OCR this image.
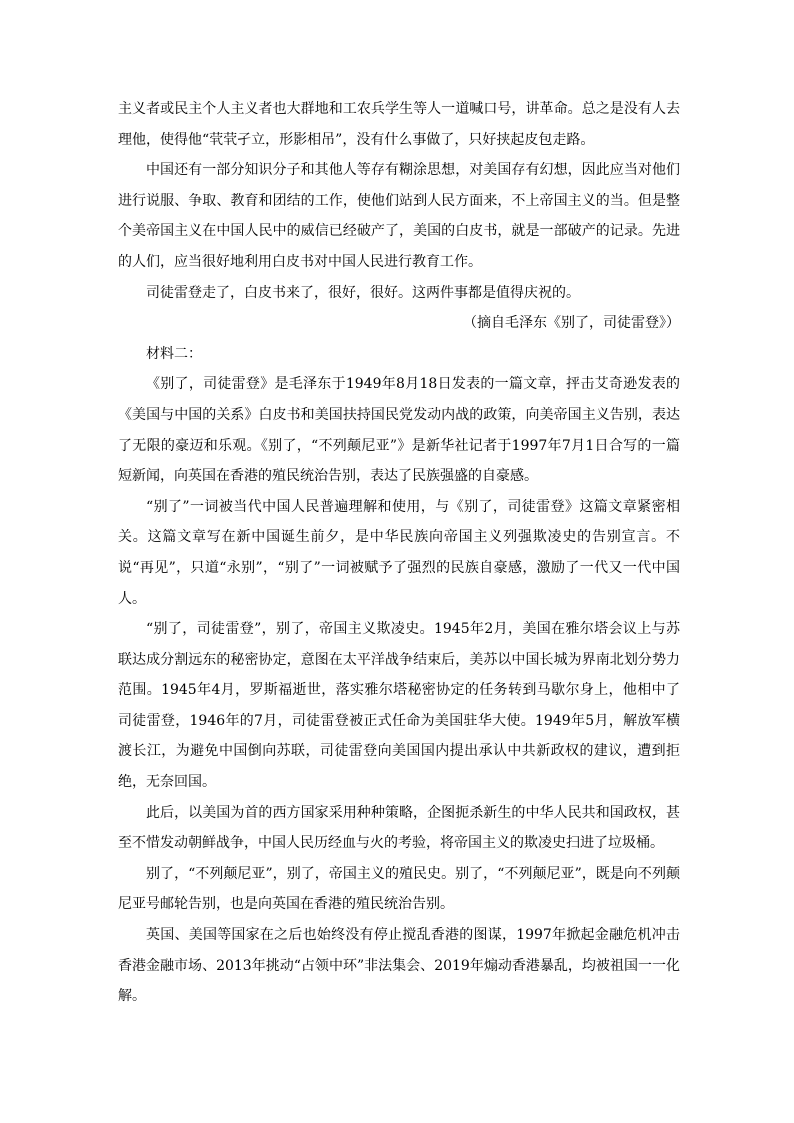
主义者或民主个人主义者也大群地和工农兵学生等人一道喊口号，讲革命。总之是没有人去理他，使得他“茕茕孑立，形影相吊”，没有什么事做了，只好挟起皮包走路。

中国还有一部分知识分子和其他人等存有糊涂思想，对美国存有幻想，因此应当对他们进行说服、争取、教育和团结的工作，使他们站到人民方面来，不上帝国主义的当。但是整个美帝国主义在中国人民中的威信已经破产了，美国的白皮书，就是一部破产的记录。先进的人们，应当很好地利用白皮书对中国人民进行教育工作。

司徒雷登走了，白皮书来了，很好，很好。这两件事都是值得庆祝的。

（摘自毛泽东《别了，司徒雷登》）

材料二：

《别了，司徒雷登》是毛泽东于1949年8月18日发表的一篇文章，抨击艾奇逊发表的《美国与中国的关系》白皮书和美国扶持国民党发动内战的政策，向美帝国主义告别，表达了无限的豪迈和乐观。《别了，“不列颠尼亚”》是新华社记者于1997年7月1日合写的一篇短新闻，向英国在香港的殖民统治告别，表达了民族强盛的自豪感。

“别了”一词被当代中国人民普遍理解和使用，与《别了，司徒雷登》这篇文章紧密相关。这篇文章写在新中国诞生前夕，是中华民族向帝国主义列强欺凌史的告别宣言。不说“再见”，只道“永别”，“别了”一词被赋予了强烈的民族自豪感，激励了一代又一代中国人。

“别了，司徒雷登”，别了，帝国主义欺凌史。1945年2月，美国在雅尔塔会议上与苏联达成分割远东的秘密协定，意图在太平洋战争结束后，美苏以中国长城为界南北划分势力范围。1945年4月，罗斯福逝世，落实雅尔塔秘密协定的任务转到马歇尔身上，他相中了司徒雷登，1946年的7月，司徒雷登被正式任命为美国驻华大使。1949年5月，解放军横渡长江，为避免中国倒向苏联，司徒雷登向美国国内提出承认中共新政权的建议，遭到拒绝，无奈回国。

此后，以美国为首的西方国家采用种种策略，企图扼杀新生的中华人民共和国政权，甚至不惜发动朝鲜战争，中国人民历经血与火的考验，将帝国主义的欺凌史扫进了垃圾桶。

别了，“不列颠尼亚”，别了，帝国主义的殖民史。别了，“不列颠尼亚”，既是向不列颠尼亚号邮轮告别，也是向英国在香港的殖民统治告别。

英国、美国等国家在之后也始终没有停止搅乱香港的图谋，1997年掀起金融危机冲击香港金融市场、2013年挑动“占领中环”非法集会、2019年煽动香港暴乱，均被祖国一一化解。
